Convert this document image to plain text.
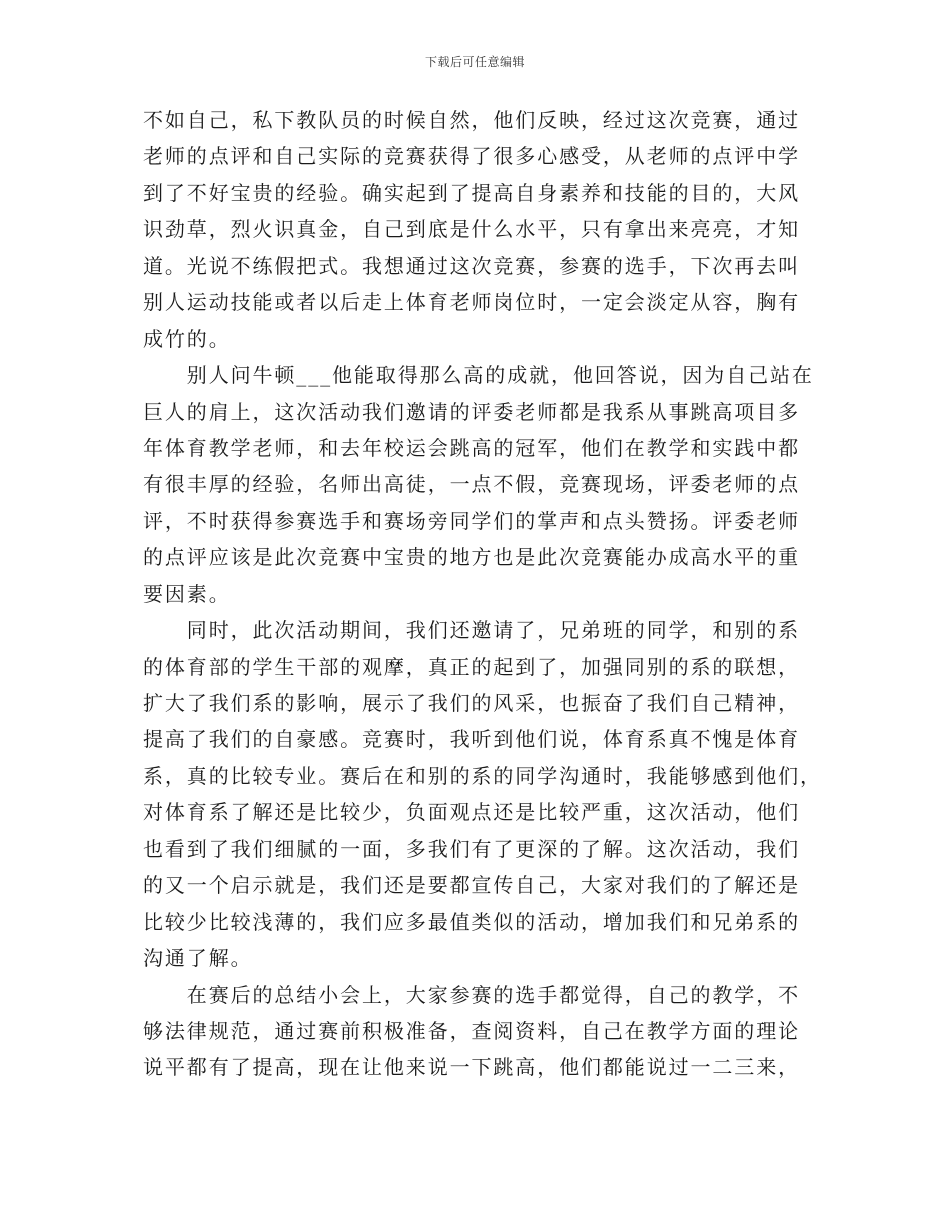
下载后可任意编辑
不如自己，私下教队员的时候自然，他们反映，经过这次竞赛，通过
老师的点评和自己实际的竞赛获得了很多心感受，从老师的点评中学
到了不好宝贵的经验。确实起到了提高自身素养和技能的目的，大风
识劲草，烈火识真金，自己到底是什么水平，只有拿出来亮亮，才知
道。光说不练假把式。我想通过这次竞赛，参赛的选手，下次再去叫
别人运动技能或者以后走上体育老师岗位时，一定会淡定从容，胸有
成竹的。
　　别人问牛顿___他能取得那么高的成就，他回答说，因为自己站在
巨人的肩上，这次活动我们邀请的评委老师都是我系从事跳高项目多
年体育教学老师，和去年校运会跳高的冠军，他们在教学和实践中都
有很丰厚的经验，名师出高徒，一点不假，竞赛现场，评委老师的点
评，不时获得参赛选手和赛场旁同学们的掌声和点头赞扬。评委老师
的点评应该是此次竞赛中宝贵的地方也是此次竞赛能办成高水平的重
要因素。
　　同时，此次活动期间，我们还邀请了，兄弟班的同学，和别的系
的体育部的学生干部的观摩，真正的起到了，加强同别的系的联想，
扩大了我们系的影响，展示了我们的风采，也振奋了我们自己精神，
提高了我们的自豪感。竞赛时，我听到他们说，体育系真不愧是体育
系，真的比较专业。赛后在和别的系的同学沟通时，我能够感到他们，
对体育系了解还是比较少，负面观点还是比较严重，这次活动，他们
也看到了我们细腻的一面，多我们有了更深的了解。这次活动，我们
的又一个启示就是，我们还是要都宣传自己，大家对我们的了解还是
比较少比较浅薄的，我们应多最值类似的活动，增加我们和兄弟系的
沟通了解。
　　在赛后的总结小会上，大家参赛的选手都觉得，自己的教学，不
够法律规范，通过赛前积极准备，查阅资料，自己在教学方面的理论
说平都有了提高，现在让他来说一下跳高，他们都能说过一二三来，
